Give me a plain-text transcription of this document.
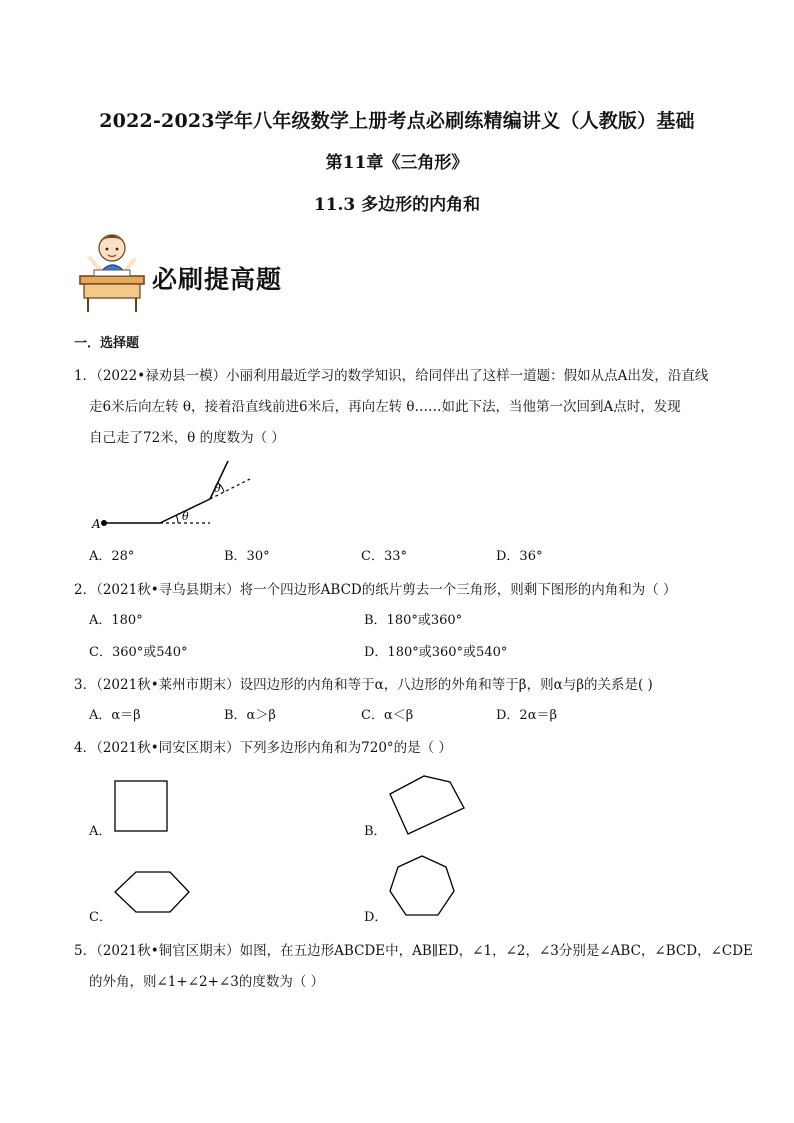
2022-2023学年八年级数学上册考点必刷练精编讲义（人教版）基础
第11章《三角形》
11.3 多边形的内角和
必刷提高题
一．选择题
1．（2022•禄劝县一模）小丽利用最近学习的数学知识，给同伴出了这样一道题：假如从点A出发，沿直线
走6米后向左转 θ，接着沿直线前进6米后，再向左转 θ……如此下法，当他第一次回到A点时，发现
自己走了72米，θ 的度数为（ ）
A
θ
θ
A．28°	B．30°	C．33°	D．36°
2．（2021秋•寻乌县期末）将一个四边形ABCD的纸片剪去一个三角形，则剩下图形的内角和为（ ）
A．180°	B．180°或360°
C．360°或540°	D．180°或360°或540°
3．（2021秋•莱州市期末）设四边形的内角和等于α，八边形的外角和等于β，则α与β的关系是( )
A．α＝β	B．α＞β	C．α＜β	D．2α＝β
4．（2021秋•同安区期末）下列多边形内角和为720°的是（ ）
A．	B．
C．	D．
5．（2021秋•铜官区期末）如图，在五边形ABCDE中，AB∥ED，∠1，∠2，∠3分别是∠ABC，∠BCD，∠CDE
的外角，则∠1+∠2+∠3的度数为（ ）
